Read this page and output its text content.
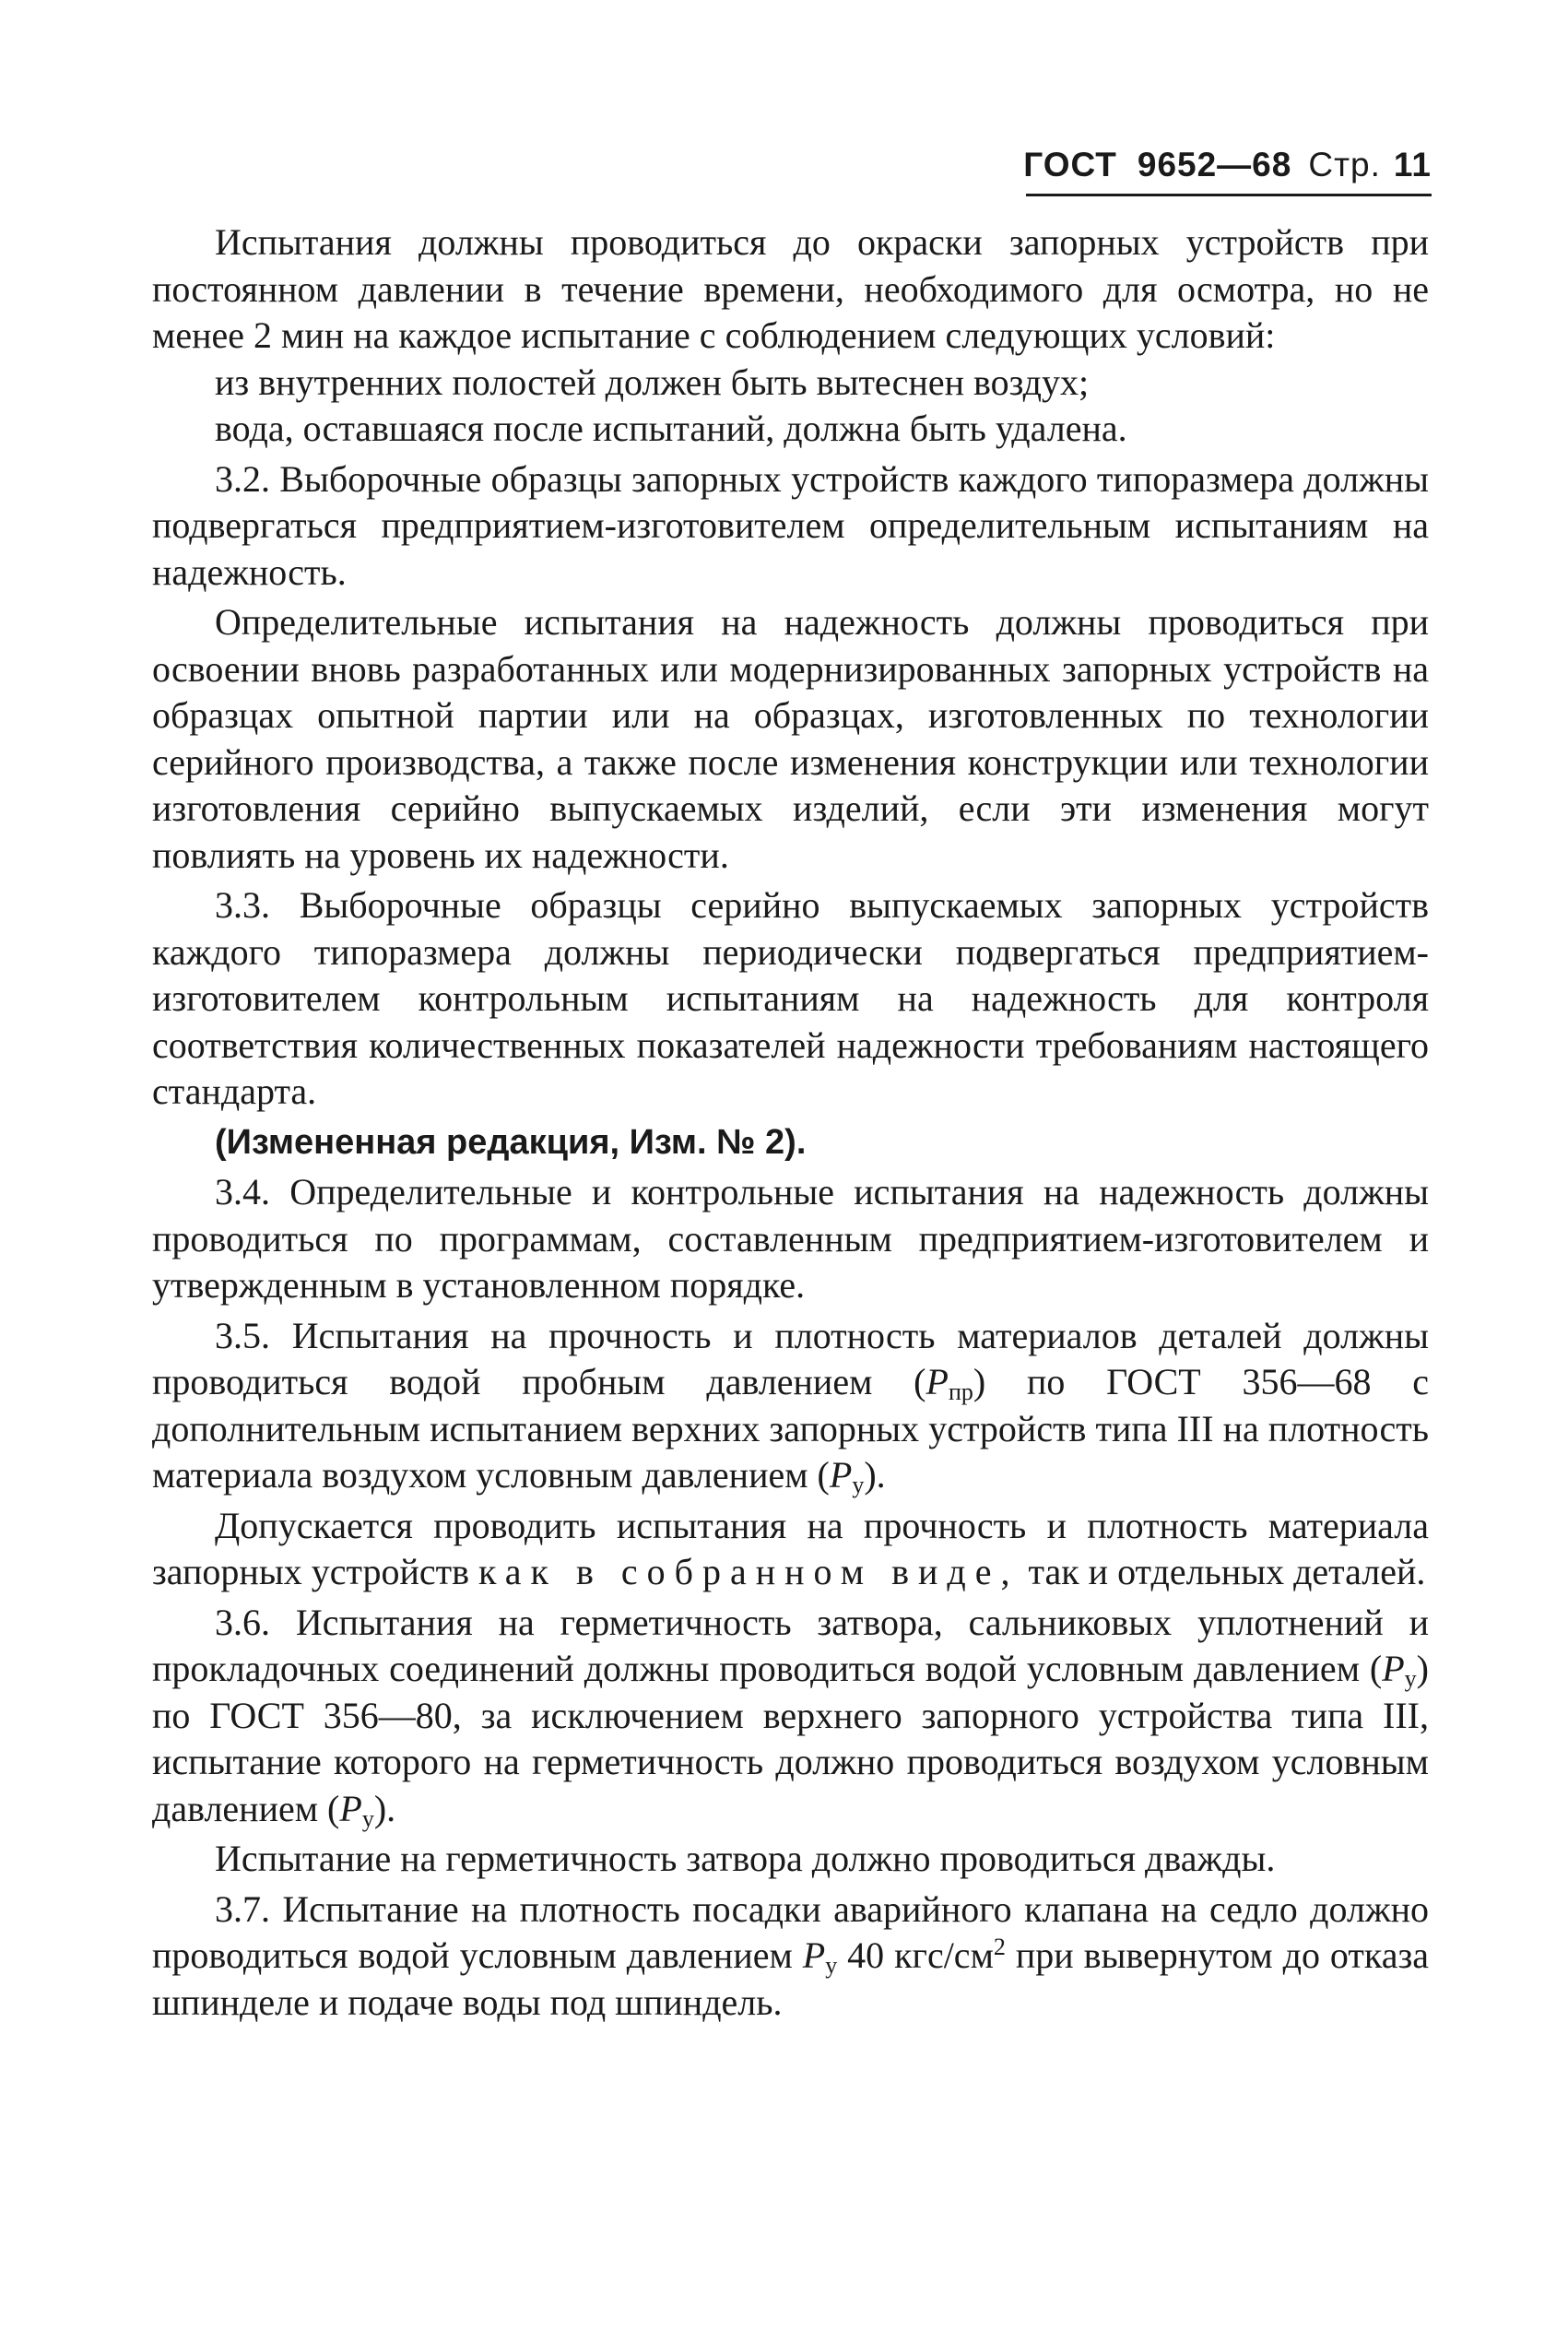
ГОСТ 9652—68 Стр. 11

Испытания должны проводиться до окраски запорных устройств при постоянном давлении в течение времени, необходимого для осмотра, но не менее 2 мин на каждое испытание с соблюдением следующих условий:

из внутренних полостей должен быть вытеснен воздух;

вода, оставшаяся после испытаний, должна быть удалена.

3.2. Выборочные образцы запорных устройств каждого типоразмера должны подвергаться предприятием-изготовителем определительным испытаниям на надежность.

Определительные испытания на надежность должны проводиться при освоении вновь разработанных или модернизированных запорных устройств на образцах опытной партии или на образцах, изготовленных по технологии серийного производства, а также после изменения конструкции или технологии изготовления серийно выпускаемых изделий, если эти изменения могут повлиять на уровень их надежности.

3.3. Выборочные образцы серийно выпускаемых запорных устройств каждого типоразмера должны периодически подвергаться предприятием-изготовителем контрольным испытаниям на надежность для контроля соответствия количественных показателей надежности требованиям настоящего стандарта.

(Измененная редакция, Изм. № 2).

3.4. Определительные и контрольные испытания на надежность должны проводиться по программам, составленным предприятием-изготовителем и утвержденным в установленном порядке.

3.5. Испытания на прочность и плотность материалов деталей должны проводиться водой пробным давлением $(P_{пр})$ по ГОСТ 356—68 с дополнительным испытанием верхних запорных устройств типа III на плотность материала воздухом условным давлением $(P_у)$.

Допускается проводить испытания на прочность и плотность материала запорных устройств как в собранном виде, так и отдельных деталей.

3.6. Испытания на герметичность затвора, сальниковых уплотнений и прокладочных соединений должны проводиться водой условным давлением $(P_у)$ по ГОСТ 356—80, за исключением верхнего запорного устройства типа III, испытание которого на герметичность должно проводиться воздухом условным давлением $(P_у)$.

Испытание на герметичность затвора должно проводиться дважды.

3.7. Испытание на плотность посадки аварийного клапана на седло должно проводиться водой условным давлением $P_у$ 40 кгс/$см^2$ при вывернутом до отказа шпинделе и подаче воды под шпиндель.
